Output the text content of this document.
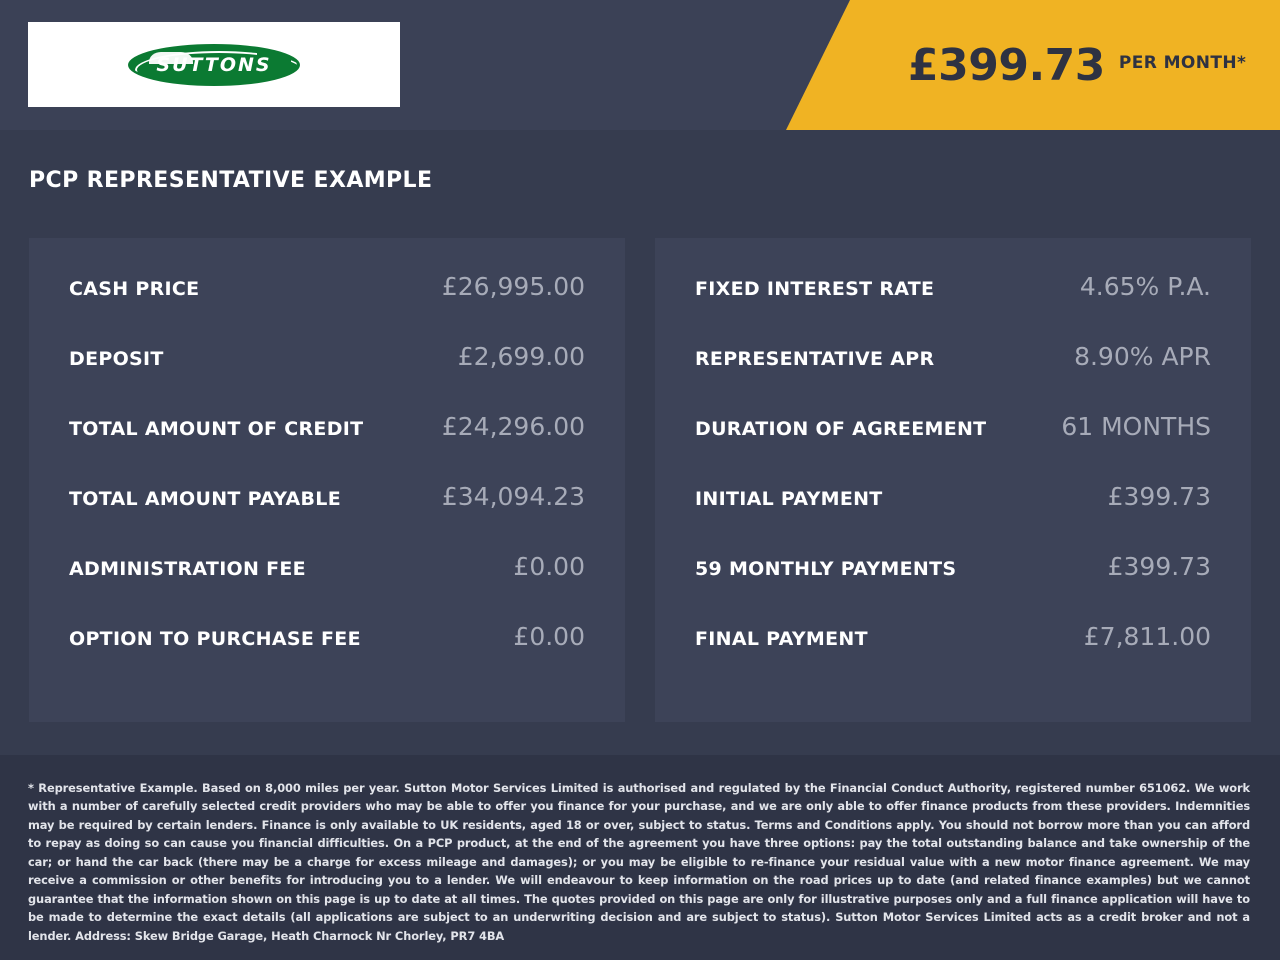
SUTTONS	£399.73 PER MONTH*
PCP REPRESENTATIVE EXAMPLE
CASH PRICE	£26,995.00
DEPOSIT	£2,699.00
TOTAL AMOUNT OF CREDIT	£24,296.00
TOTAL AMOUNT PAYABLE	£34,094.23
ADMINISTRATION FEE	£0.00
OPTION TO PURCHASE FEE	£0.00
FIXED INTEREST RATE	4.65% P.A.
REPRESENTATIVE APR	8.90% APR
DURATION OF AGREEMENT	61 MONTHS
INITIAL PAYMENT	£399.73
59 MONTHLY PAYMENTS	£399.73
FINAL PAYMENT	£7,811.00

* Representative Example. Based on 8,000 miles per year. Sutton Motor Services Limited is authorised and regulated by the Financial Conduct Authority, registered number 651062. We work with a number of carefully selected credit providers who may be able to offer you finance for your purchase, and we are only able to offer finance products from these providers. Indemnities may be required by certain lenders. Finance is only available to UK residents, aged 18 or over, subject to status. Terms and Conditions apply. You should not borrow more than you can afford to repay as doing so can cause you financial difficulties. On a PCP product, at the end of the agreement you have three options: pay the total outstanding balance and take ownership of the car; or hand the car back (there may be a charge for excess mileage and damages); or you may be eligible to re-finance your residual value with a new motor finance agreement. We may receive a commission or other benefits for introducing you to a lender. We will endeavour to keep information on the road prices up to date (and related finance examples) but we cannot guarantee that the information shown on this page is up to date at all times. The quotes provided on this page are only for illustrative purposes only and a full finance application will have to be made to determine the exact details (all applications are subject to an underwriting decision and are subject to status). Sutton Motor Services Limited acts as a credit broker and not a lender. Address: Skew Bridge Garage, Heath Charnock Nr Chorley, PR7 4BA
